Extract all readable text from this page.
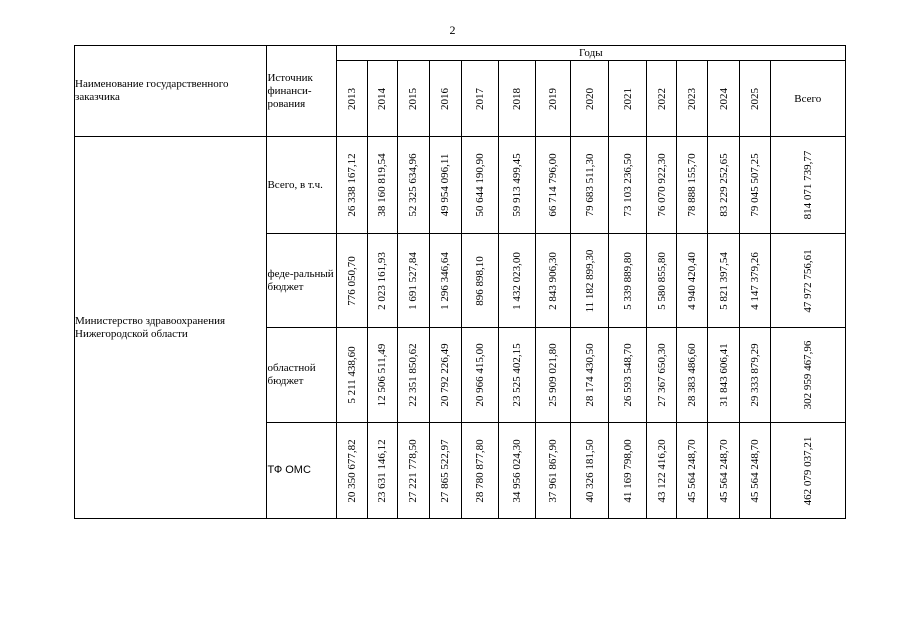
2
Наименование государственного заказчика	Источник финанси-рования	Годы													

		2013	2014	2015	2016	2017	2018	2019	2020	2021	2022	2023	2024	2025	Всего
Министерство здравоохранения Нижегородской области	Всего, в т.ч.	26 338 167,12	38 160 819,54	52 325 634,96	49 954 096,11	50 644 190,90	59 913 499,45	66 714 796,00	79 683 511,30	73 103 236,50	76 070 922,30	78 888 155,70	83 229 252,65	79 045 507,25	814 071 739,77

	феде-ральный бюджет	776 050,70	2 023 161,93	1 691 527,84	1 296 346,64	896 898,10	1 432 023,00	2 843 906,30	11 182 899,30	5 339 889,80	5 580 855,80	4 940 420,40	5 821 397,54	4 147 379,26	47 972 756,61

	областной бюджет	5 211 438,60	12 506 511,49	22 351 850,62	20 792 226,49	20 966 415,00	23 525 402,15	25 909 021,80	28 174 430,50	26 593 548,70	27 367 650,30	28 383 486,60	31 843 606,41	29 333 879,29	302 959 467,96

	ТФ ОМС	20 350 677,82	23 631 146,12	27 221 778,50	27 865 522,97	28 780 877,80	34 956 024,30	37 961 867,90	40 326 181,50	41 169 798,00	43 122 416,20	45 564 248,70	45 564 248,70	45 564 248,70	462 079 037,21
